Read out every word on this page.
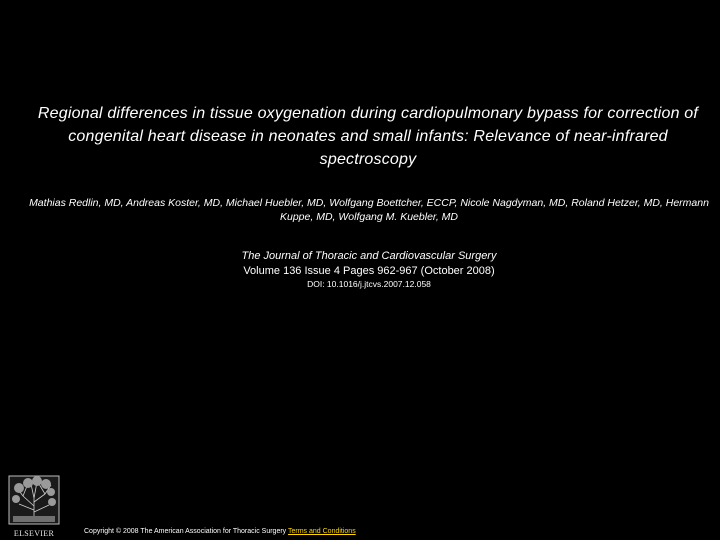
Regional differences in tissue oxygenation during cardiopulmonary bypass for correction of congenital heart disease in neonates and small infants: Relevance of near-infrared spectroscopy
Mathias Redlin, MD, Andreas Koster, MD, Michael Huebler, MD, Wolfgang Boettcher, ECCP, Nicole Nagdyman, MD, Roland Hetzer, MD, Hermann Kuppe, MD, Wolfgang M. Kuebler, MD
The Journal of Thoracic and Cardiovascular Surgery
Volume 136 Issue 4 Pages 962-967 (October 2008)
DOI: 10.1016/j.jtcvs.2007.12.058
ELSEVIER	Copyright © 2008 The American Association for Thoracic Surgery Terms and Conditions
